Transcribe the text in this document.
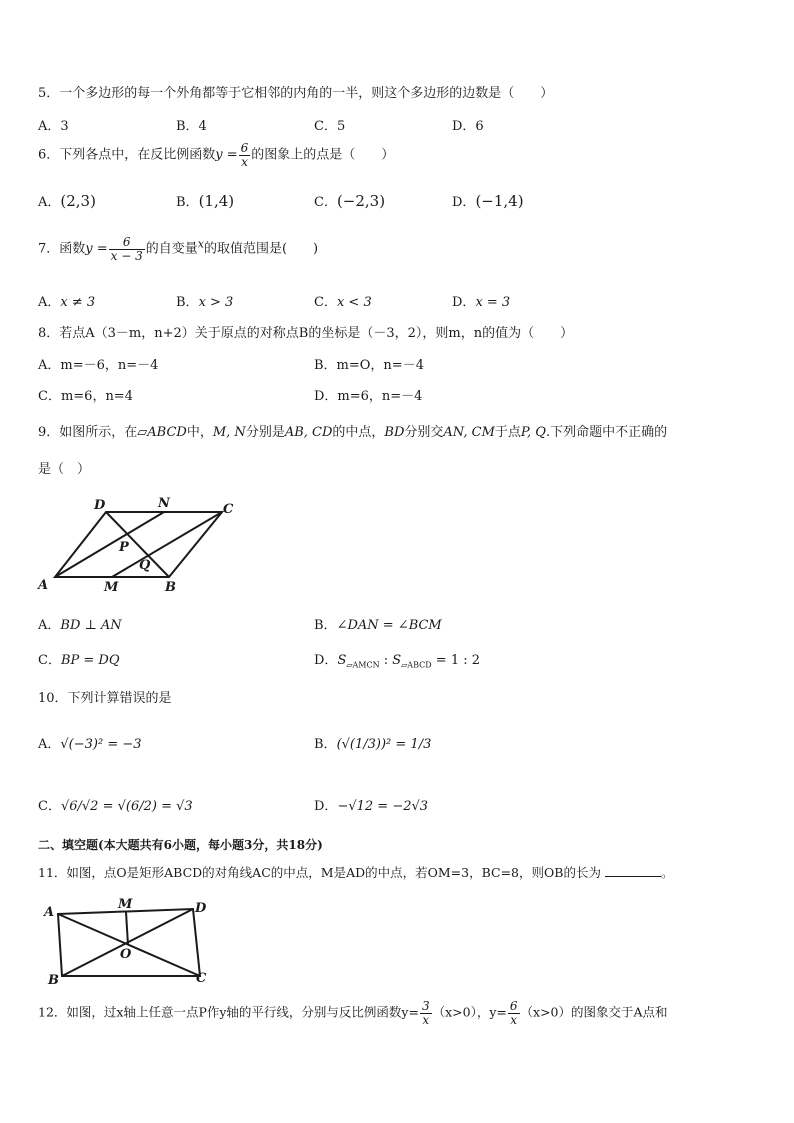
5．一个多边形的每一个外角都等于它相邻的内角的一半，则这个多边形的边数是（　　）
A．3	B．4	C．5	D．6
6．下列各点中，在反比例函数$y = \frac{6}{x}$ 的图象上的点是（　　）
A．(2,3)	B．(1,4)	C．(−2,3)	D．(−1,4)
7．函数$y = \frac{6}{x - 3}$ 的自变量$^x$的取值范围是(　　)
A．x ≠ 3	B．x > 3	C．x < 3	D．x = 3
8．若点A（3－m，n+2）关于原点的对称点B的坐标是（－3，2），则m，n的值为（　　）
A．m=－6，n=－4	B．m=O，n=－4
C．m=6，n=4	D．m=6，n=－4
9．如图所示，在▱ABCD中，M, N分别是AB, CD的中点，BD分别交AN, CM于点P, Q.下列命题中不正确的
是（　）
A	B
C
D
M
N
P
Q
A．BD ⊥ AN	B．∠DAN = ∠BCM
C．BP = DQ	D．$S_{▱AMCN}$ : $S_{▱ABCD} = 1$ : 2
10．下列计算错误的是
A．√(−3)² = −3	B．(√(1/3))² = 1/3
C．√6/√2 = √(6/2) = √3	D．−√12 = −2√3
二、填空题(本大题共有6小题，每小题3分，共18分)
11．如图，点O是矩形ABCD的对角线AC的中点，M是AD的中点，若OM=3，BC=8，则OB的长为	。
A
B	C
D
M
O
12．如图，过x轴上任意一点P作y轴的平行线，分别与反比例函数$y= \frac{3}{x} (x>0)$，$y= \frac{6}{x} (x>0)$的图象交于A点和
